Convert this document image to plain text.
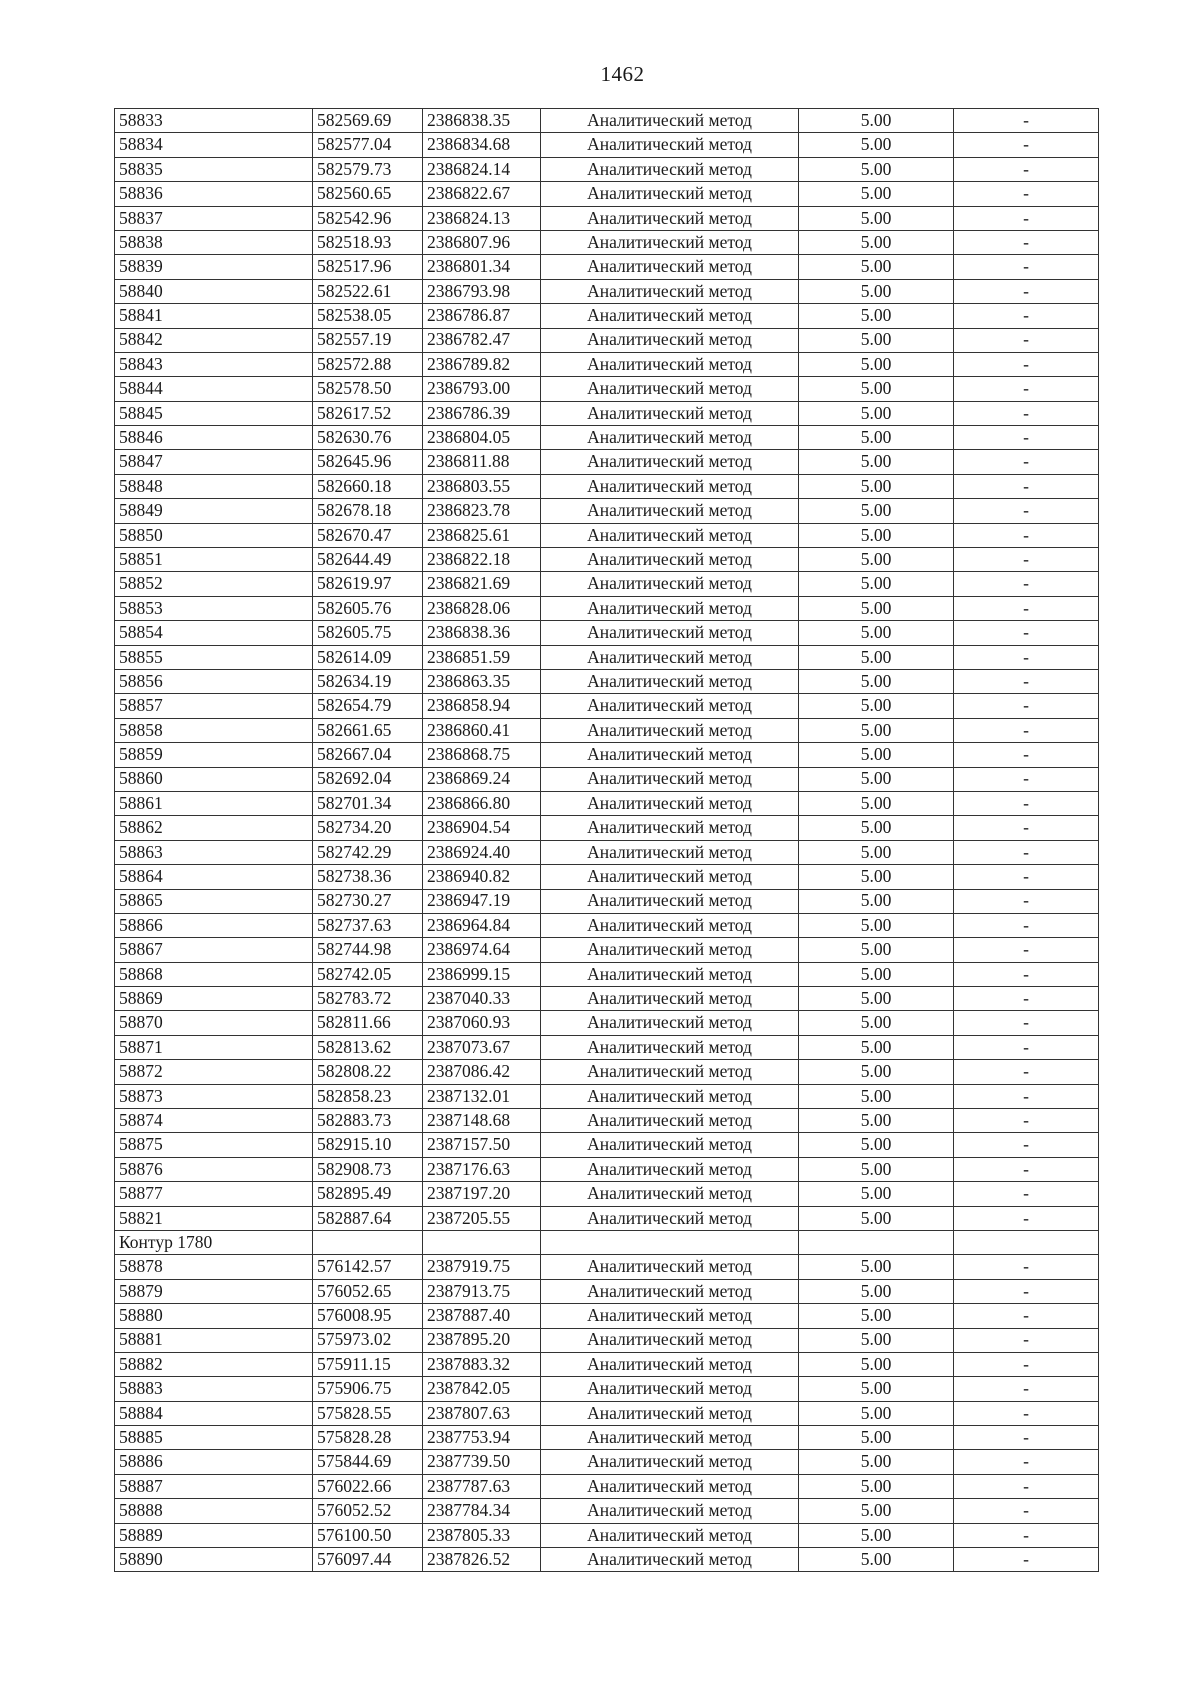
1462
58833	582569.69	2386838.35	Аналитический метод	5.00	-
58834	582577.04	2386834.68	Аналитический метод	5.00	-
58835	582579.73	2386824.14	Аналитический метод	5.00	-
58836	582560.65	2386822.67	Аналитический метод	5.00	-
58837	582542.96	2386824.13	Аналитический метод	5.00	-
58838	582518.93	2386807.96	Аналитический метод	5.00	-
58839	582517.96	2386801.34	Аналитический метод	5.00	-
58840	582522.61	2386793.98	Аналитический метод	5.00	-
58841	582538.05	2386786.87	Аналитический метод	5.00	-
58842	582557.19	2386782.47	Аналитический метод	5.00	-
58843	582572.88	2386789.82	Аналитический метод	5.00	-
58844	582578.50	2386793.00	Аналитический метод	5.00	-
58845	582617.52	2386786.39	Аналитический метод	5.00	-
58846	582630.76	2386804.05	Аналитический метод	5.00	-
58847	582645.96	2386811.88	Аналитический метод	5.00	-
58848	582660.18	2386803.55	Аналитический метод	5.00	-
58849	582678.18	2386823.78	Аналитический метод	5.00	-
58850	582670.47	2386825.61	Аналитический метод	5.00	-
58851	582644.49	2386822.18	Аналитический метод	5.00	-
58852	582619.97	2386821.69	Аналитический метод	5.00	-
58853	582605.76	2386828.06	Аналитический метод	5.00	-
58854	582605.75	2386838.36	Аналитический метод	5.00	-
58855	582614.09	2386851.59	Аналитический метод	5.00	-
58856	582634.19	2386863.35	Аналитический метод	5.00	-
58857	582654.79	2386858.94	Аналитический метод	5.00	-
58858	582661.65	2386860.41	Аналитический метод	5.00	-
58859	582667.04	2386868.75	Аналитический метод	5.00	-
58860	582692.04	2386869.24	Аналитический метод	5.00	-
58861	582701.34	2386866.80	Аналитический метод	5.00	-
58862	582734.20	2386904.54	Аналитический метод	5.00	-
58863	582742.29	2386924.40	Аналитический метод	5.00	-
58864	582738.36	2386940.82	Аналитический метод	5.00	-
58865	582730.27	2386947.19	Аналитический метод	5.00	-
58866	582737.63	2386964.84	Аналитический метод	5.00	-
58867	582744.98	2386974.64	Аналитический метод	5.00	-
58868	582742.05	2386999.15	Аналитический метод	5.00	-
58869	582783.72	2387040.33	Аналитический метод	5.00	-
58870	582811.66	2387060.93	Аналитический метод	5.00	-
58871	582813.62	2387073.67	Аналитический метод	5.00	-
58872	582808.22	2387086.42	Аналитический метод	5.00	-
58873	582858.23	2387132.01	Аналитический метод	5.00	-
58874	582883.73	2387148.68	Аналитический метод	5.00	-
58875	582915.10	2387157.50	Аналитический метод	5.00	-
58876	582908.73	2387176.63	Аналитический метод	5.00	-
58877	582895.49	2387197.20	Аналитический метод	5.00	-
58821	582887.64	2387205.55	Аналитический метод	5.00	-
Контур 1780					
58878	576142.57	2387919.75	Аналитический метод	5.00	-
58879	576052.65	2387913.75	Аналитический метод	5.00	-
58880	576008.95	2387887.40	Аналитический метод	5.00	-
58881	575973.02	2387895.20	Аналитический метод	5.00	-
58882	575911.15	2387883.32	Аналитический метод	5.00	-
58883	575906.75	2387842.05	Аналитический метод	5.00	-
58884	575828.55	2387807.63	Аналитический метод	5.00	-
58885	575828.28	2387753.94	Аналитический метод	5.00	-
58886	575844.69	2387739.50	Аналитический метод	5.00	-
58887	576022.66	2387787.63	Аналитический метод	5.00	-
58888	576052.52	2387784.34	Аналитический метод	5.00	-
58889	576100.50	2387805.33	Аналитический метод	5.00	-
58890	576097.44	2387826.52	Аналитический метод	5.00	-
